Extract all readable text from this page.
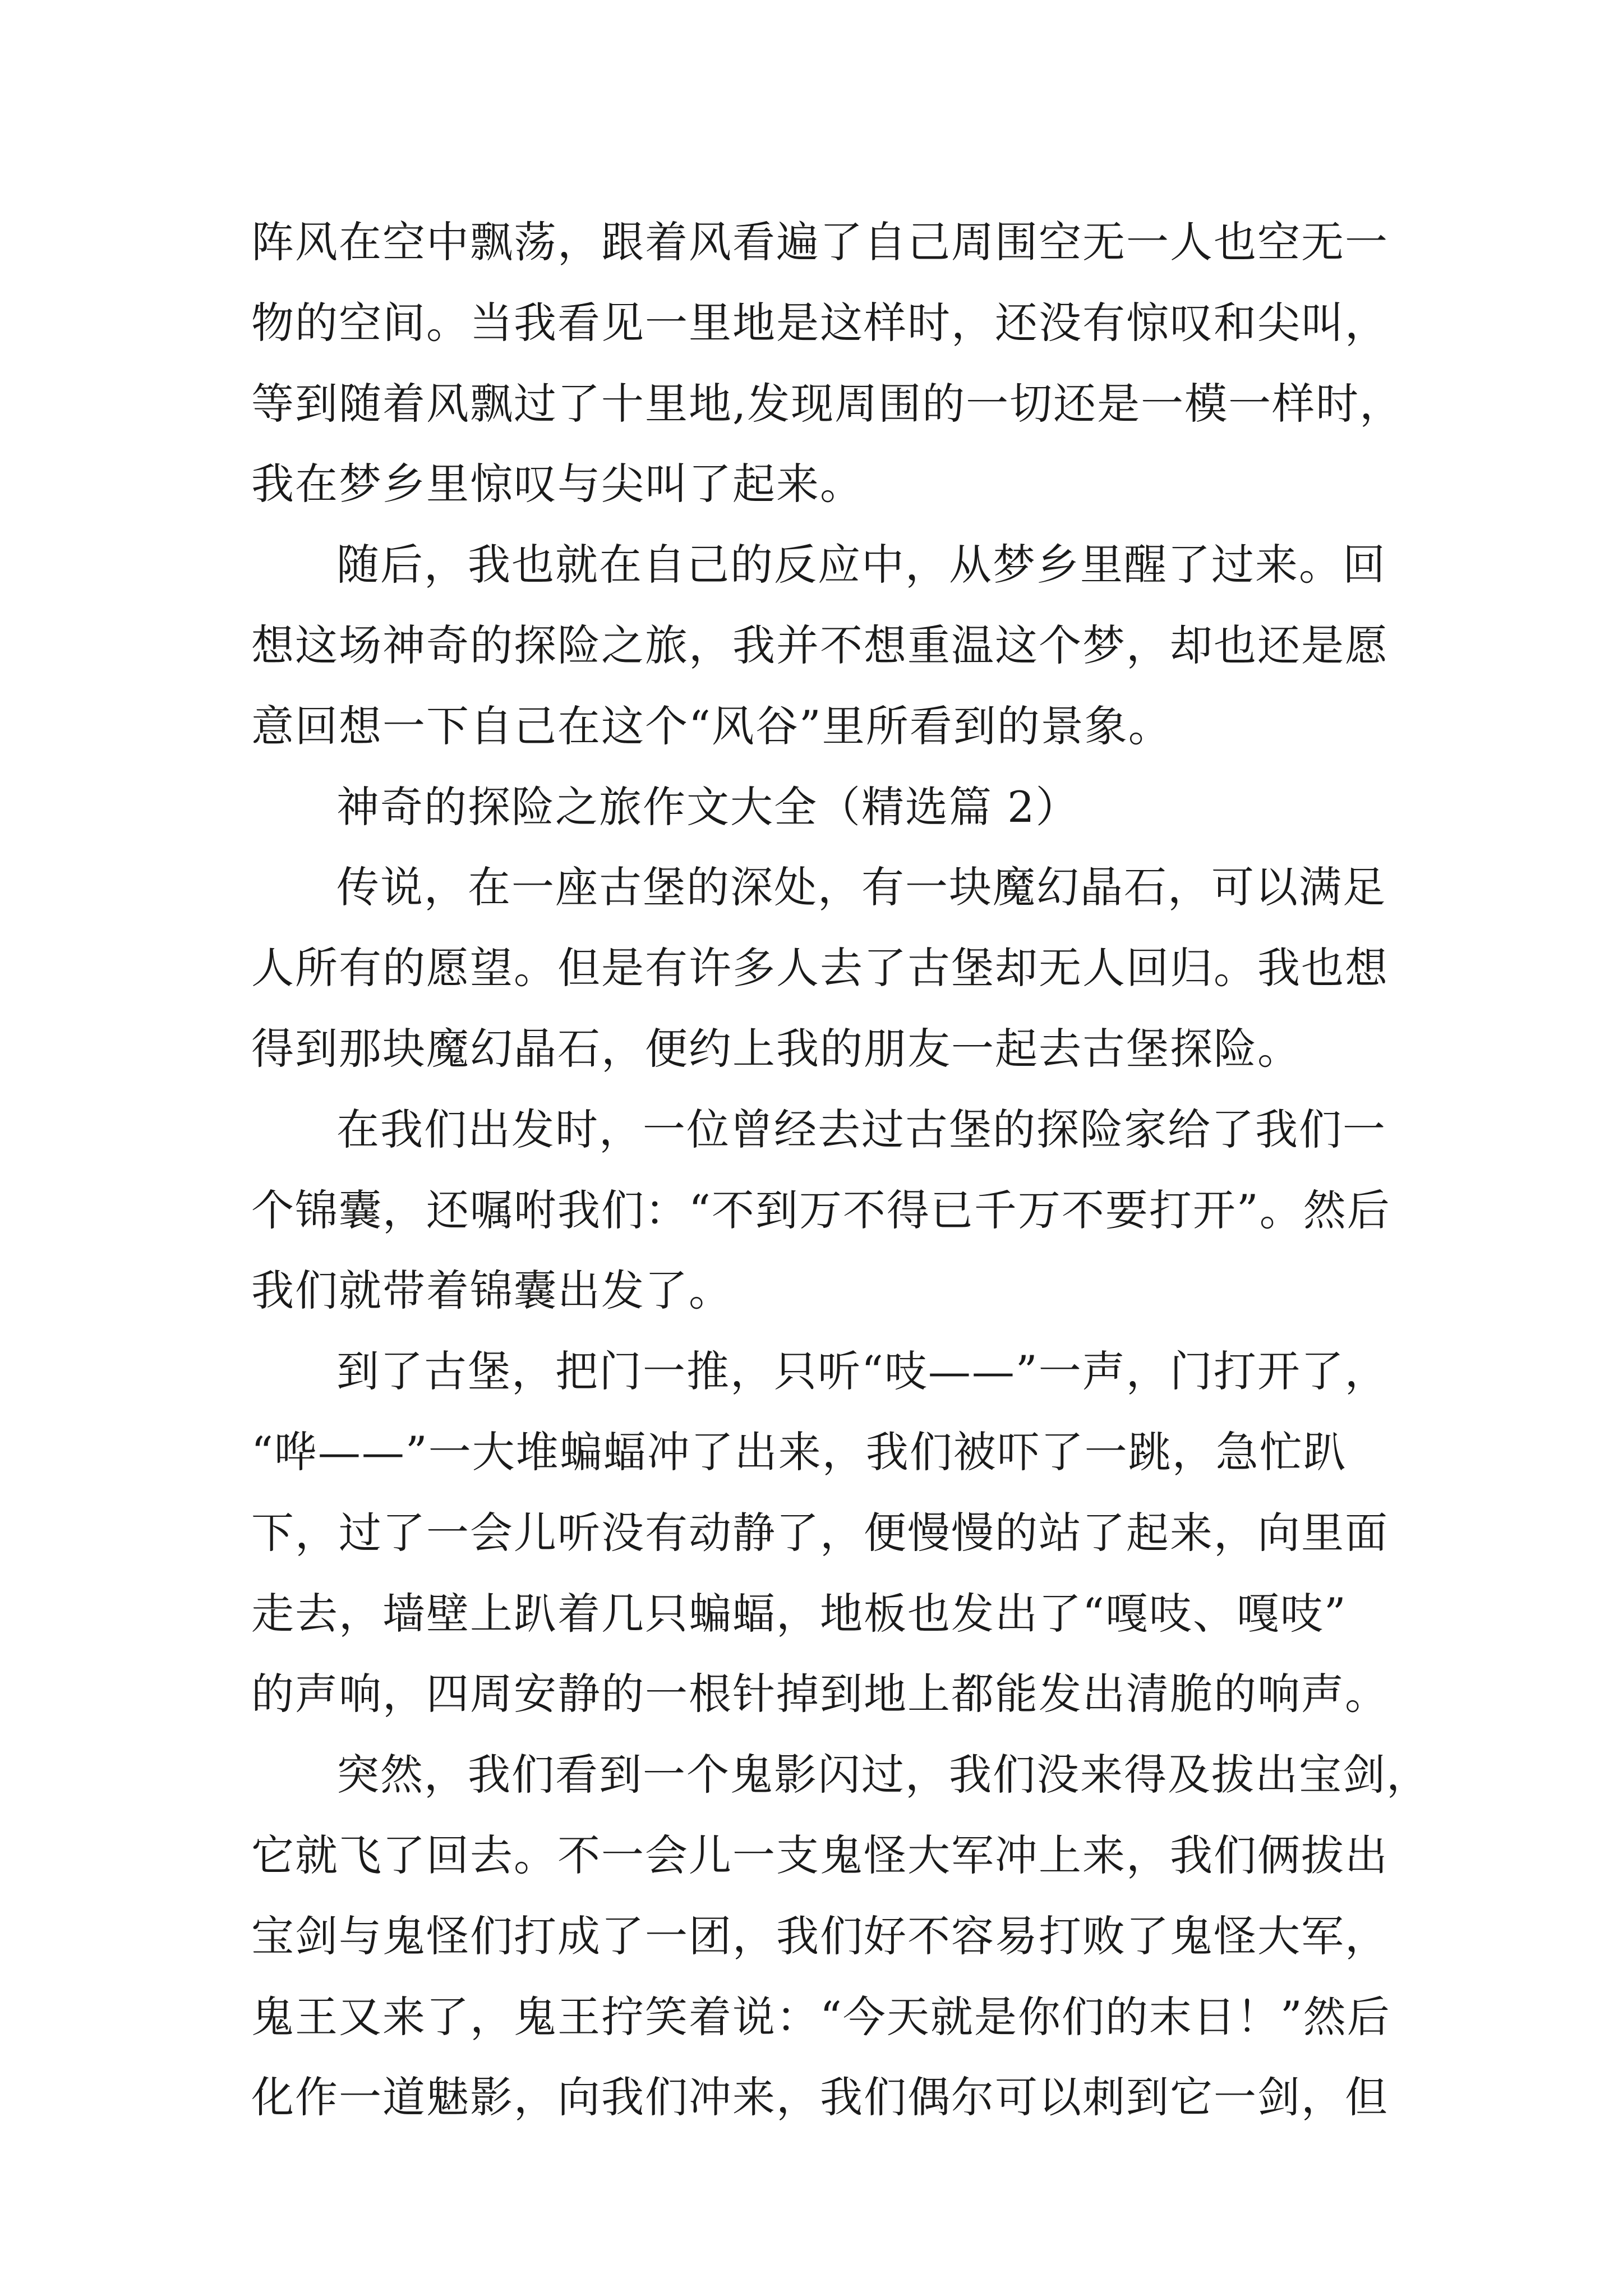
阵风在空中飘荡，跟着风看遍了自己周围空无一人也空无一
物的空间。当我看见一里地是这样时，还没有惊叹和尖叫，
等到随着风飘过了十里地,发现周围的一切还是一模一样时，
我在梦乡里惊叹与尖叫了起来。
随后，我也就在自己的反应中，从梦乡里醒了过来。回
想这场神奇的探险之旅，我并不想重温这个梦，却也还是愿
意回想一下自己在这个“风谷”里所看到的景象。
神奇的探险之旅作文大全（精选篇 2）
传说，在一座古堡的深处，有一块魔幻晶石，可以满足
人所有的愿望。但是有许多人去了古堡却无人回归。我也想
得到那块魔幻晶石，便约上我的朋友一起去古堡探险。
在我们出发时，一位曾经去过古堡的探险家给了我们一
个锦囊，还嘱咐我们：“不到万不得已千万不要打开”。然后
我们就带着锦囊出发了。
到了古堡，把门一推，只听“吱——”一声，门打开了，
“哗——”一大堆蝙蝠冲了出来，我们被吓了一跳，急忙趴
下，过了一会儿听没有动静了，便慢慢的站了起来，向里面
走去，墙壁上趴着几只蝙蝠，地板也发出了“嘎吱、嘎吱”
的声响，四周安静的一根针掉到地上都能发出清脆的响声。
突然，我们看到一个鬼影闪过，我们没来得及拔出宝剑，
它就飞了回去。不一会儿一支鬼怪大军冲上来，我们俩拔出
宝剑与鬼怪们打成了一团，我们好不容易打败了鬼怪大军，
鬼王又来了，鬼王拧笑着说：“今天就是你们的末日！”然后
化作一道魅影，向我们冲来，我们偶尔可以刺到它一剑，但
